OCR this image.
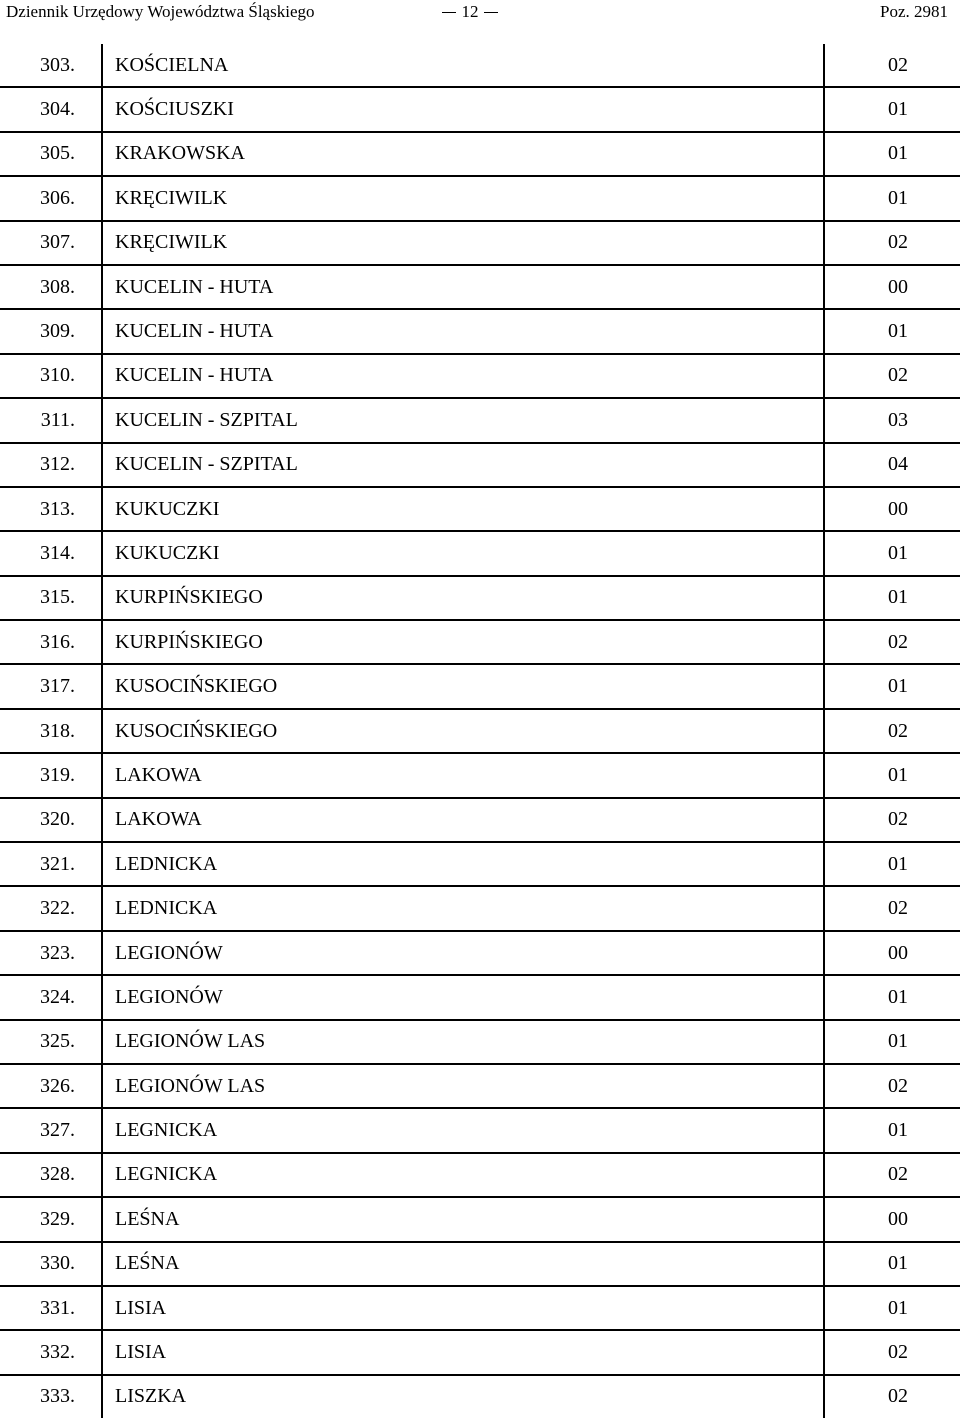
Dziennik Urzędowy Województwa Śląskiego	12	Poz. 2981
303.	KOŚCIELNA	02
304.	KOŚCIUSZKI	01
305.	KRAKOWSKA	01
306.	KRĘCIWILK	01
307.	KRĘCIWILK	02
308.	KUCELIN - HUTA	00
309.	KUCELIN - HUTA	01
310.	KUCELIN - HUTA	02
311.	KUCELIN - SZPITAL	03
312.	KUCELIN - SZPITAL	04
313.	KUKUCZKI	00
314.	KUKUCZKI	01
315.	KURPIŃSKIEGO	01
316.	KURPIŃSKIEGO	02
317.	KUSOCIŃSKIEGO	01
318.	KUSOCIŃSKIEGO	02
319.	LAKOWA	01
320.	LAKOWA	02
321.	LEDNICKA	01
322.	LEDNICKA	02
323.	LEGIONÓW	00
324.	LEGIONÓW	01
325.	LEGIONÓW LAS	01
326.	LEGIONÓW LAS	02
327.	LEGNICKA	01
328.	LEGNICKA	02
329.	LEŚNA	00
330.	LEŚNA	01
331.	LISIA	01
332.	LISIA	02
333.	LISZKA	02
